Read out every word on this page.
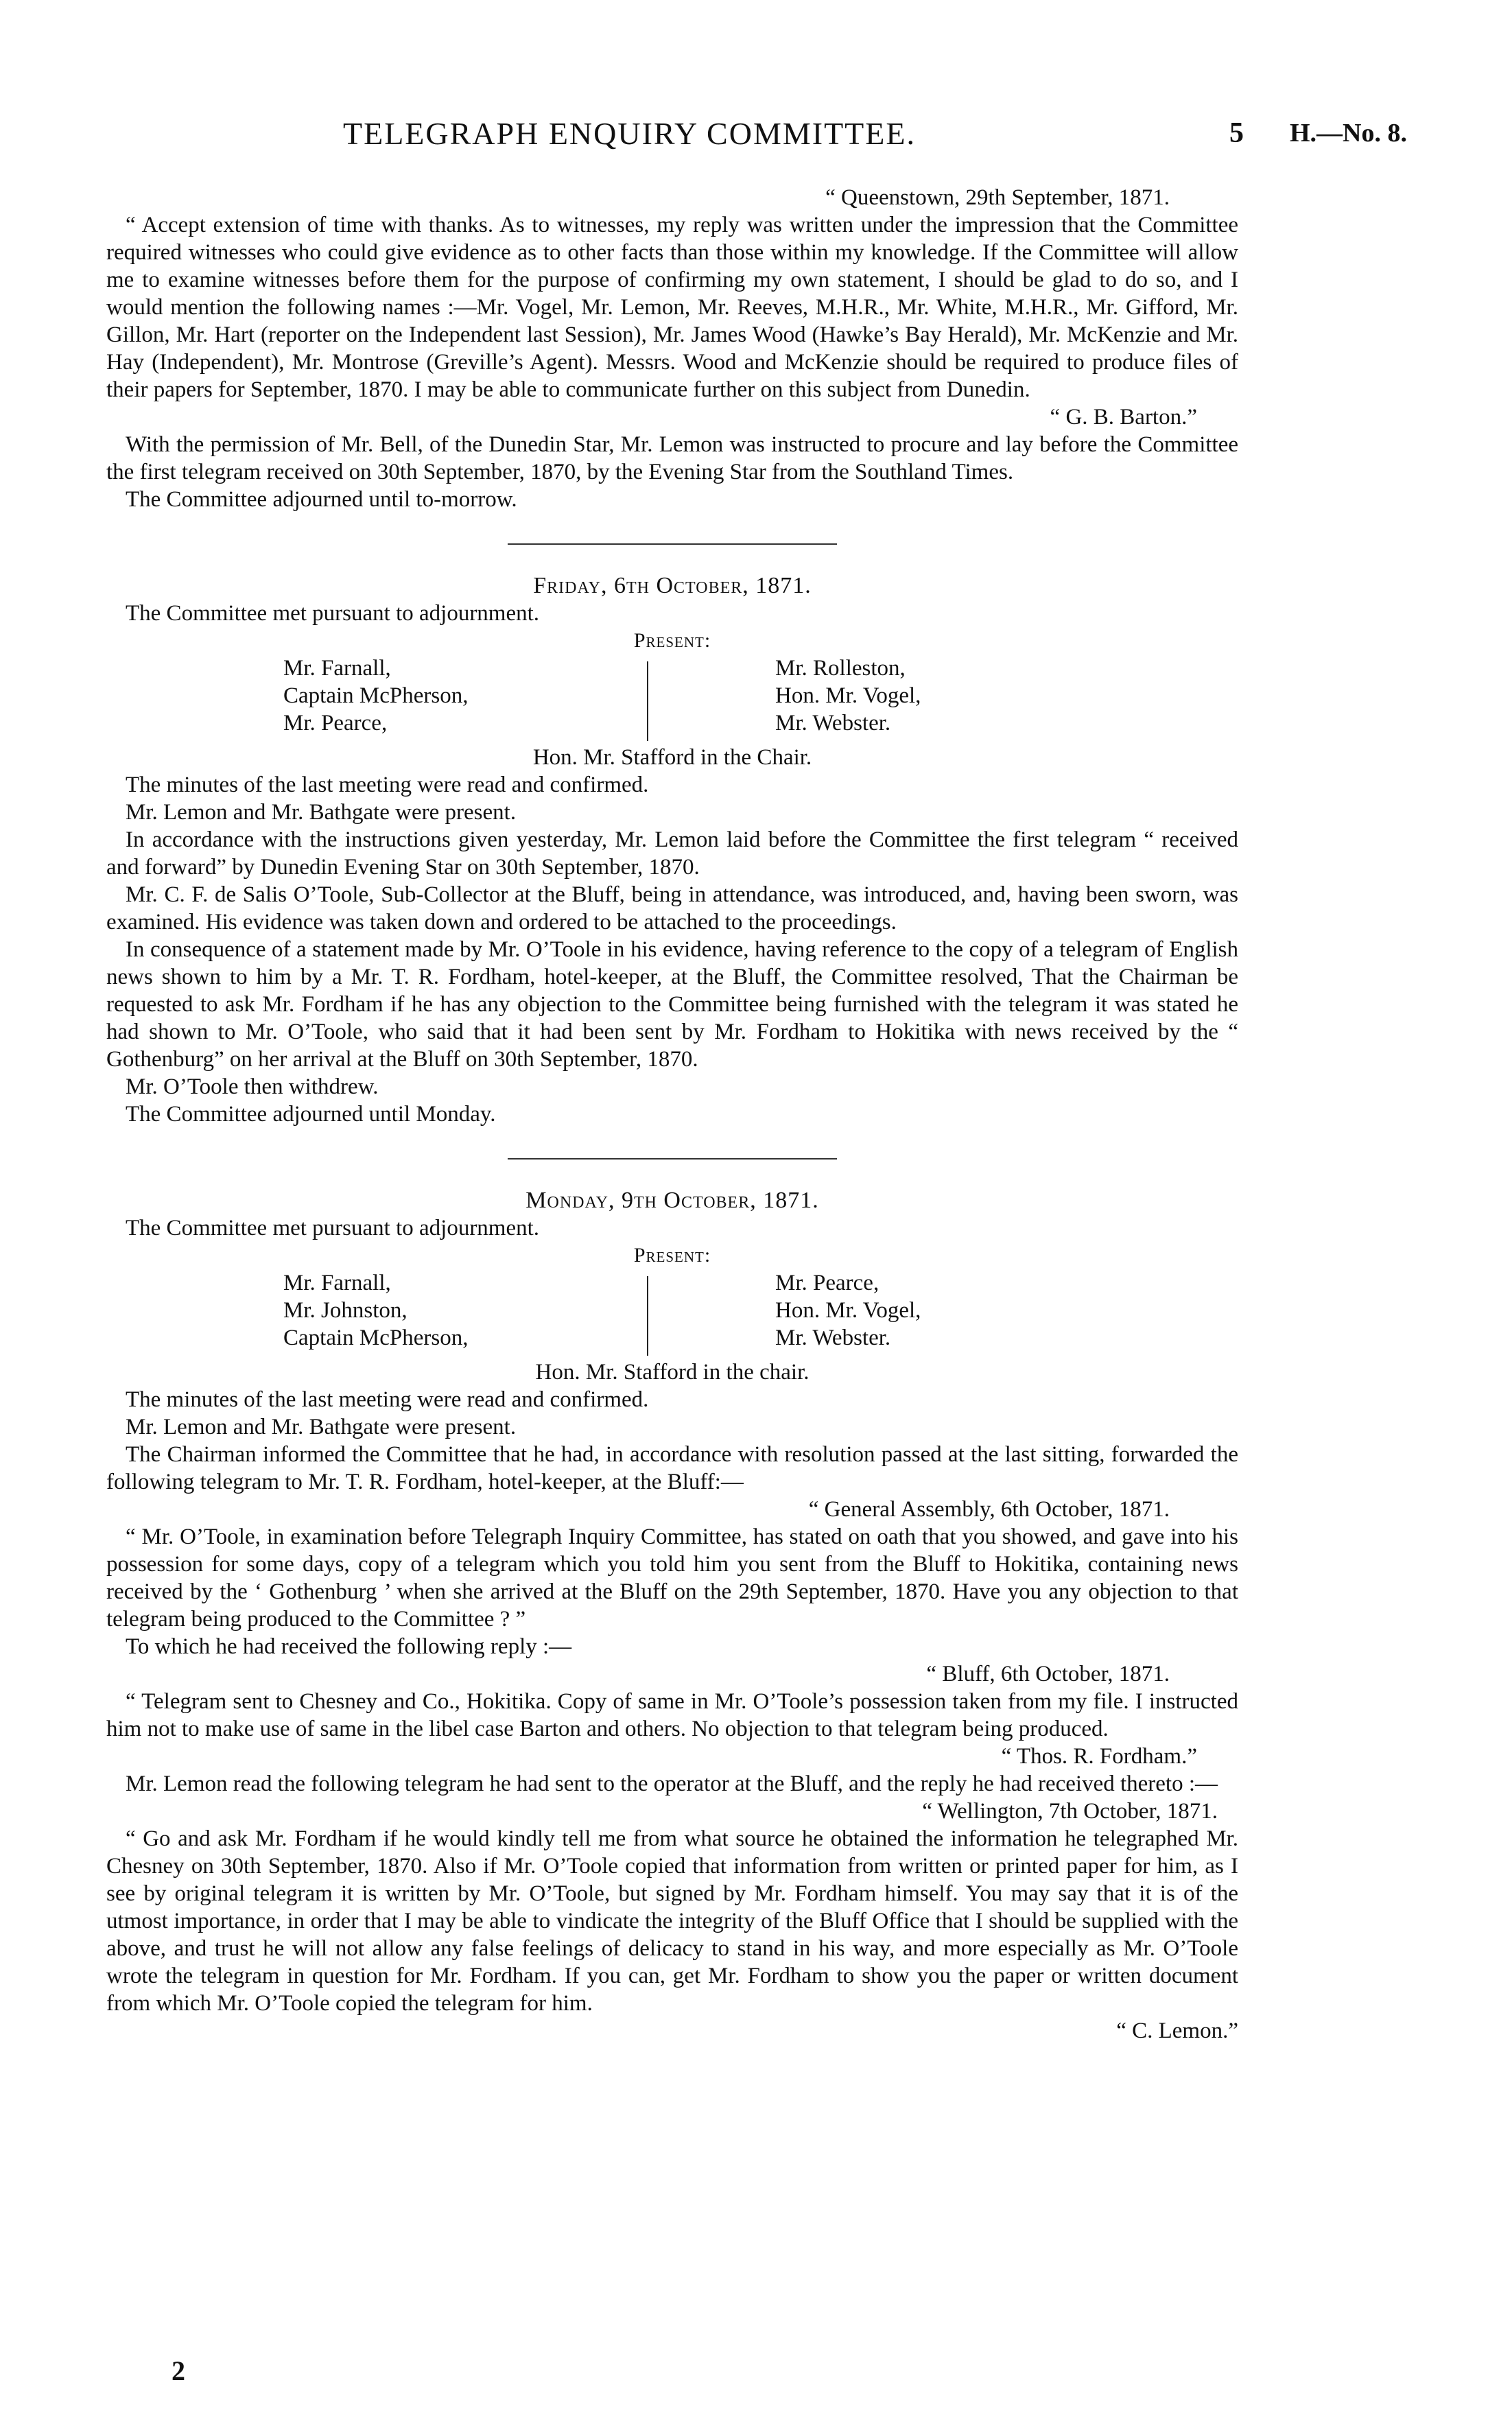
TELEGRAPH ENQUIRY COMMITTEE.	5 H.—No. 8.

“ Queenstown, 29th September, 1871.

“ Accept extension of time with thanks. As to witnesses, my reply was written under the impression that the Committee required witnesses who could give evidence as to other facts than those within my knowledge. If the Committee will allow me to examine witnesses before them for the purpose of confirming my own statement, I should be glad to do so, and I would mention the following names :—Mr. Vogel, Mr. Lemon, Mr. Reeves, M.H.R., Mr. White, M.H.R., Mr. Gifford, Mr. Gillon, Mr. Hart (reporter on the Independent last Session), Mr. James Wood (Hawke’s Bay Herald), Mr. McKenzie and Mr. Hay (Independent), Mr. Montrose (Greville’s Agent). Messrs. Wood and McKenzie should be required to produce files of their papers for September, 1870. I may be able to communicate further on this subject from Dunedin.

“ G. B. Barton.”

With the permission of Mr. Bell, of the Dunedin Star, Mr. Lemon was instructed to procure and lay before the Committee the first telegram received on 30th September, 1870, by the Evening Star from the Southland Times.

The Committee adjourned until to-morrow.

Friday, 6th October, 1871.

The Committee met pursuant to adjournment.

Present:

Mr. Farnall,
Captain McPherson,
Mr. Pearce,
Mr. Rolleston,
Hon. Mr. Vogel,
Mr. Webster.

Hon. Mr. Stafford in the Chair.

The minutes of the last meeting were read and confirmed.

Mr. Lemon and Mr. Bathgate were present.

In accordance with the instructions given yesterday, Mr. Lemon laid before the Committee the first telegram “ received and forward” by Dunedin Evening Star on 30th September, 1870.

Mr. C. F. de Salis O’Toole, Sub-Collector at the Bluff, being in attendance, was introduced, and, having been sworn, was examined. His evidence was taken down and ordered to be attached to the proceedings.

In consequence of a statement made by Mr. O’Toole in his evidence, having reference to the copy of a telegram of English news shown to him by a Mr. T. R. Fordham, hotel-keeper, at the Bluff, the Committee resolved, That the Chairman be requested to ask Mr. Fordham if he has any objection to the Committee being furnished with the telegram it was stated he had shown to Mr. O’Toole, who said that it had been sent by Mr. Fordham to Hokitika with news received by the “ Gothenburg” on her arrival at the Bluff on 30th September, 1870.

Mr. O’Toole then withdrew.

The Committee adjourned until Monday.

Monday, 9th October, 1871.

The Committee met pursuant to adjournment.

Present:

Mr. Farnall,
Mr. Johnston,
Captain McPherson,
Mr. Pearce,
Hon. Mr. Vogel,
Mr. Webster.

Hon. Mr. Stafford in the chair.

The minutes of the last meeting were read and confirmed.

Mr. Lemon and Mr. Bathgate were present.

The Chairman informed the Committee that he had, in accordance with resolution passed at the last sitting, forwarded the following telegram to Mr. T. R. Fordham, hotel-keeper, at the Bluff:—

“ General Assembly, 6th October, 1871.

“ Mr. O’Toole, in examination before Telegraph Inquiry Committee, has stated on oath that you showed, and gave into his possession for some days, copy of a telegram which you told him you sent from the Bluff to Hokitika, containing news received by the ‘ Gothenburg ’ when she arrived at the Bluff on the 29th September, 1870. Have you any objection to that telegram being produced to the Committee ? ”

To which he had received the following reply :—

“ Bluff, 6th October, 1871.

“ Telegram sent to Chesney and Co., Hokitika. Copy of same in Mr. O’Toole’s possession taken from my file. I instructed him not to make use of same in the libel case Barton and others. No objection to that telegram being produced.

“ Thos. R. Fordham.”

Mr. Lemon read the following telegram he had sent to the operator at the Bluff, and the reply he had received thereto :—

“ Wellington, 7th October, 1871.

“ Go and ask Mr. Fordham if he would kindly tell me from what source he obtained the information he telegraphed Mr. Chesney on 30th September, 1870. Also if Mr. O’Toole copied that information from written or printed paper for him, as I see by original telegram it is written by Mr. O’Toole, but signed by Mr. Fordham himself. You may say that it is of the utmost importance, in order that I may be able to vindicate the integrity of the Bluff Office that I should be supplied with the above, and trust he will not allow any false feelings of delicacy to stand in his way, and more especially as Mr. O’Toole wrote the telegram in question for Mr. Fordham. If you can, get Mr. Fordham to show you the paper or written document from which Mr. O’Toole copied the telegram for him.

“ C. Lemon.”

2
